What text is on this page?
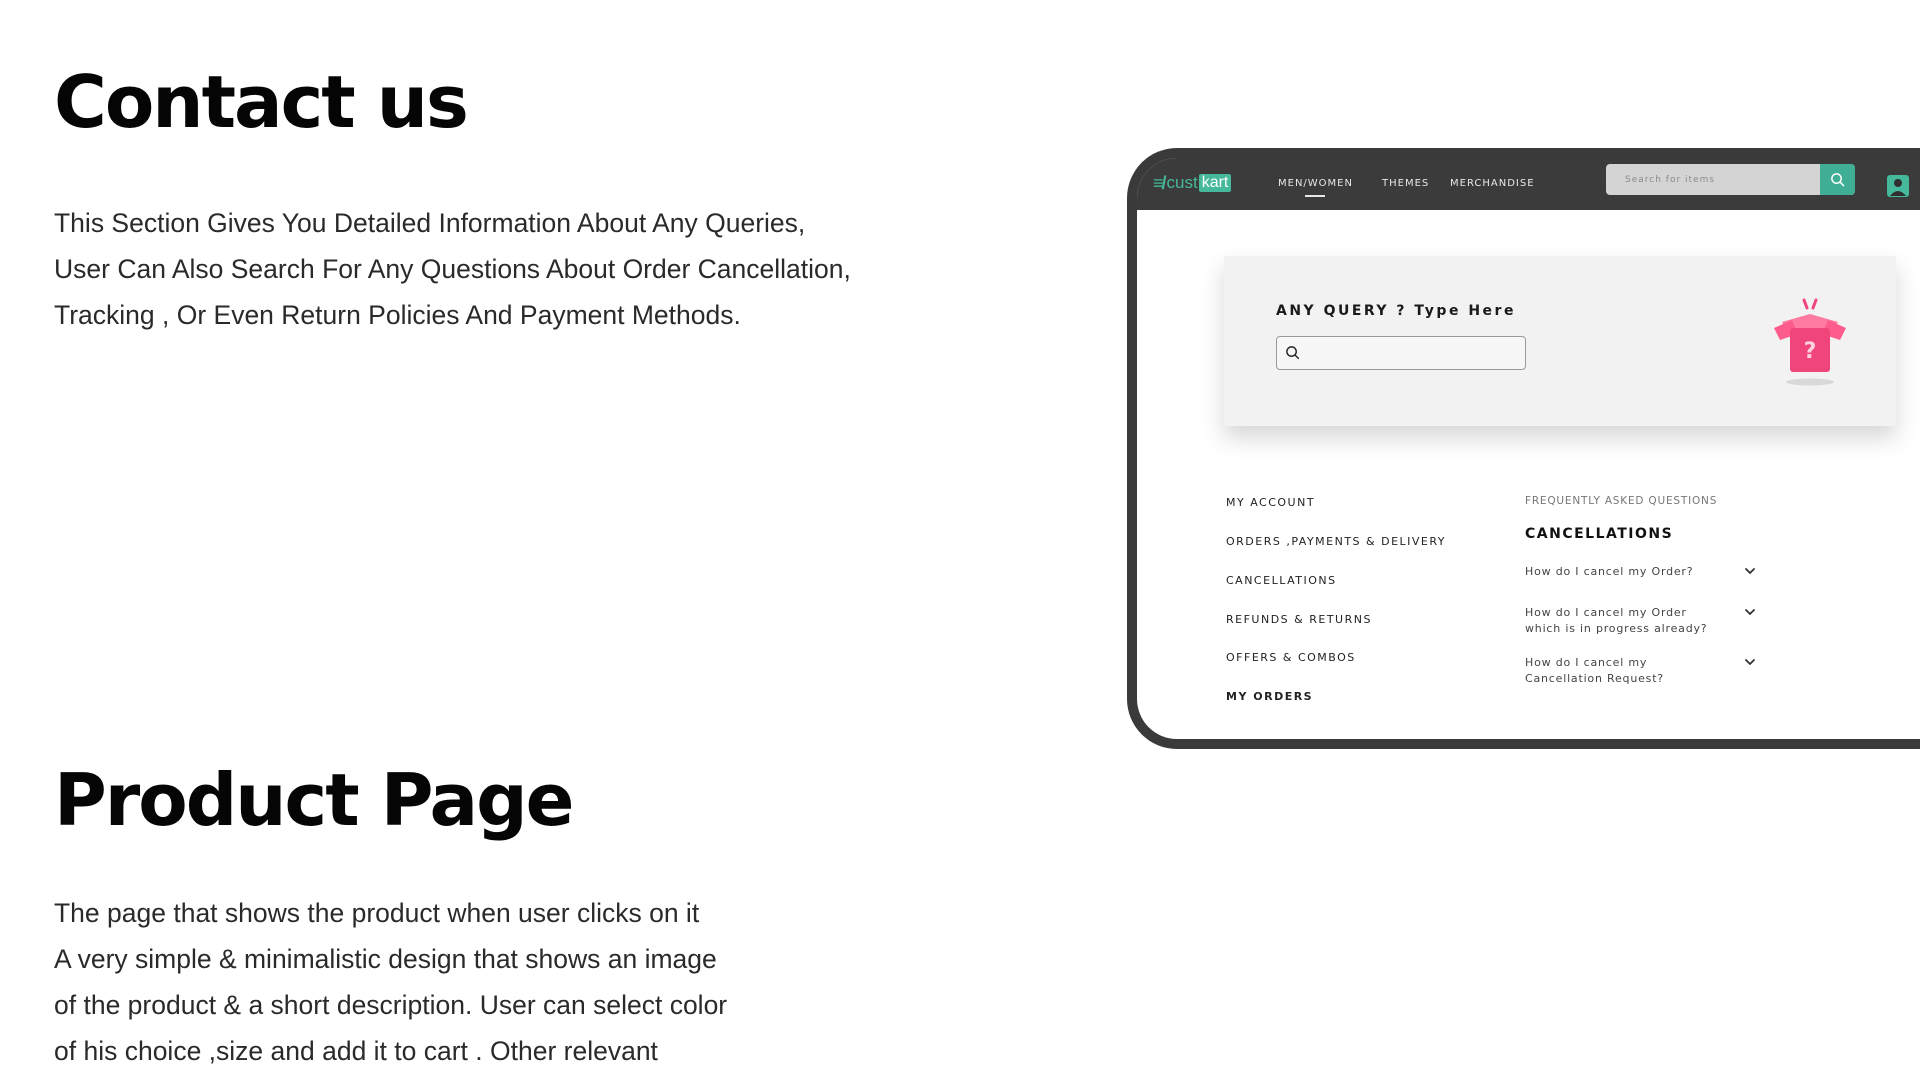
Contact us

This Section Gives You Detailed Information About Any Queries,
User Can Also Search For Any Questions About Order Cancellation,
Tracking , Or Even Return Policies And Payment Methods.

Product Page

The page that shows the product when user clicks on it
A very simple & minimalistic design that shows an image
of the product & a short description. User can select color
of his choice ,size and add it to cart . Other relevant

≡/ cust kart	MEN/WOMEN	THEMES MERCHANDISE
Search for items
ANY QUERY ? Type Here
?
MY ACCOUNT
ORDERS ,PAYMENTS & DELIVERY
CANCELLATIONS
REFUNDS & RETURNS
OFFERS & COMBOS
MY ORDERS
FREQUENTLY ASKED QUESTIONS
CANCELLATIONS
How do I cancel my Order?
How do I cancel my Order which is in progress already?
How do I cancel my Cancellation Request?
